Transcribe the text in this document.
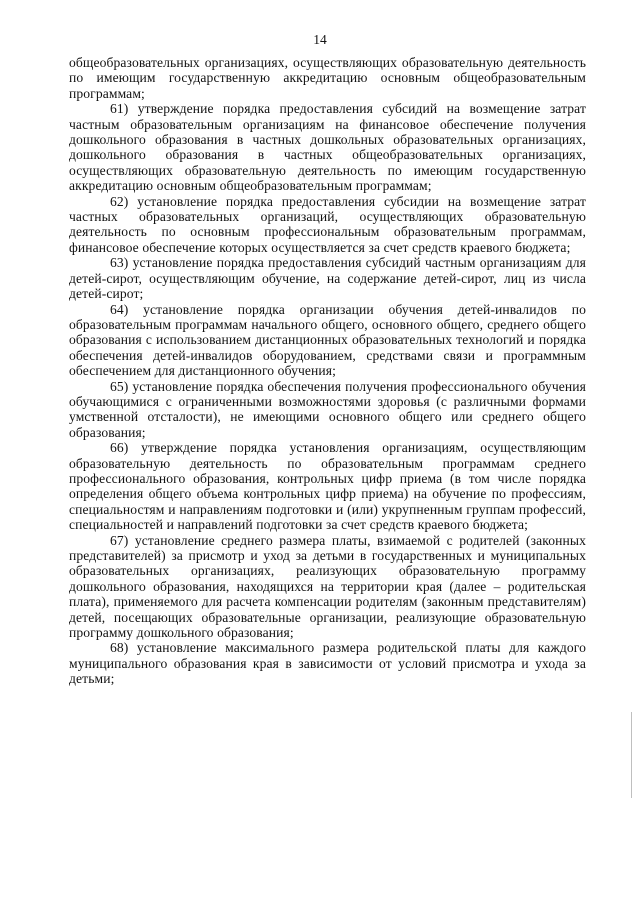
14

общеобразовательных организациях, осуществляющих образовательную деятельность по имеющим государственную аккредитацию основным общеобразовательным программам;

61) утверждение порядка предоставления субсидий на возмещение затрат частным образовательным организациям на финансовое обеспечение получения дошкольного образования в частных дошкольных образовательных организациях, дошкольного образования в частных общеобразовательных организациях, осуществляющих образовательную деятельность по имеющим государственную аккредитацию основным общеобразовательным программам;

62) установление порядка предоставления субсидии на возмещение затрат частных образовательных организаций, осуществляющих образовательную деятельность по основным профессиональным образовательным программам, финансовое обеспечение которых осуществляется за счет средств краевого бюджета;

63) установление порядка предоставления субсидий частным организациям для детей-сирот, осуществляющим обучение, на содержание детей-сирот, лиц из числа детей-сирот;

64) установление порядка организации обучения детей-инвалидов по образовательным программам начального общего, основного общего, среднего общего образования с использованием дистанционных образовательных технологий и порядка обеспечения детей-инвалидов оборудованием, средствами связи и программным обеспечением для дистанционного обучения;

65) установление порядка обеспечения получения профессионального обучения обучающимися с ограниченными возможностями здоровья (с различными формами умственной отсталости), не имеющими основного общего или среднего общего образования;

66) утверждение порядка установления организациям, осуществляющим образовательную деятельность по образовательным программам среднего профессионального образования, контрольных цифр приема (в том числе порядка определения общего объема контрольных цифр приема) на обучение по профессиям, специальностям и направлениям подготовки и (или) укрупненным группам профессий, специальностей и направлений подготовки за счет средств краевого бюджета;

67) установление среднего размера платы, взимаемой с родителей (законных представителей) за присмотр и уход за детьми в государственных и муниципальных образовательных организациях, реализующих образовательную программу дошкольного образования, находящихся на территории края (далее – родительская плата), применяемого для расчета компенсации родителям (законным представителям) детей, посещающих образовательные организации, реализующие образовательную программу дошкольного образования;

68) установление максимального размера родительской платы для каждого муниципального образования края в зависимости от условий присмотра и ухода за детьми;
